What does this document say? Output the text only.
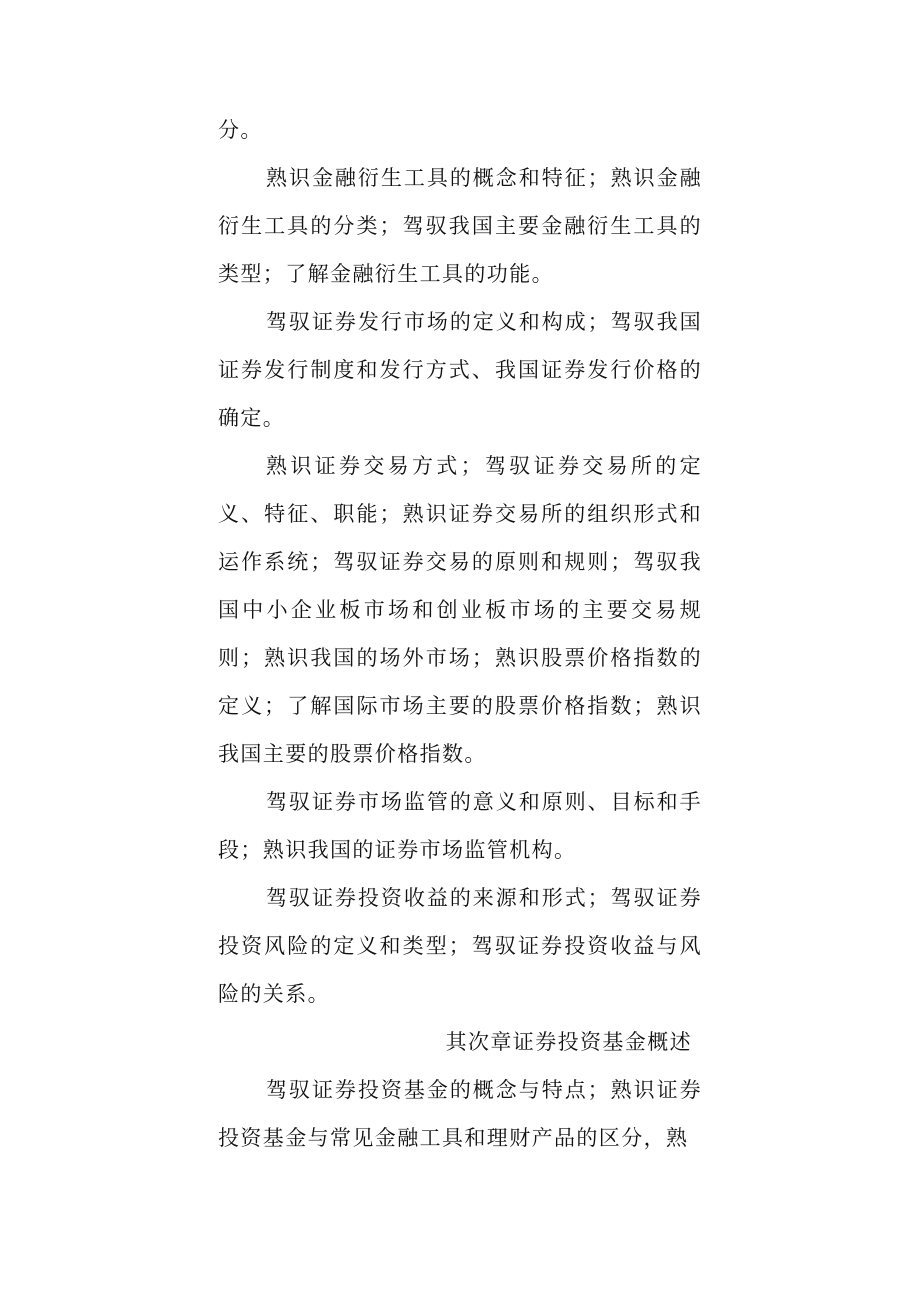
分。

熟识金融衍生工具的概念和特征；熟识金融衍生工具的分类；驾驭我国主要金融衍生工具的类型；了解金融衍生工具的功能。

驾驭证券发行市场的定义和构成；驾驭我国证券发行制度和发行方式、我国证券发行价格的确定。

熟识证券交易方式；驾驭证券交易所的定义、特征、职能；熟识证券交易所的组织形式和运作系统；驾驭证券交易的原则和规则；驾驭我国中小企业板市场和创业板市场的主要交易规则；熟识我国的场外市场；熟识股票价格指数的定义；了解国际市场主要的股票价格指数；熟识我国主要的股票价格指数。

驾驭证券市场监管的意义和原则、目标和手段；熟识我国的证券市场监管机构。

驾驭证券投资收益的来源和形式；驾驭证券投资风险的定义和类型；驾驭证券投资收益与风险的关系。

其次章证券投资基金概述

驾驭证券投资基金的概念与特点；熟识证券投资基金与常见金融工具和理财产品的区分，熟
